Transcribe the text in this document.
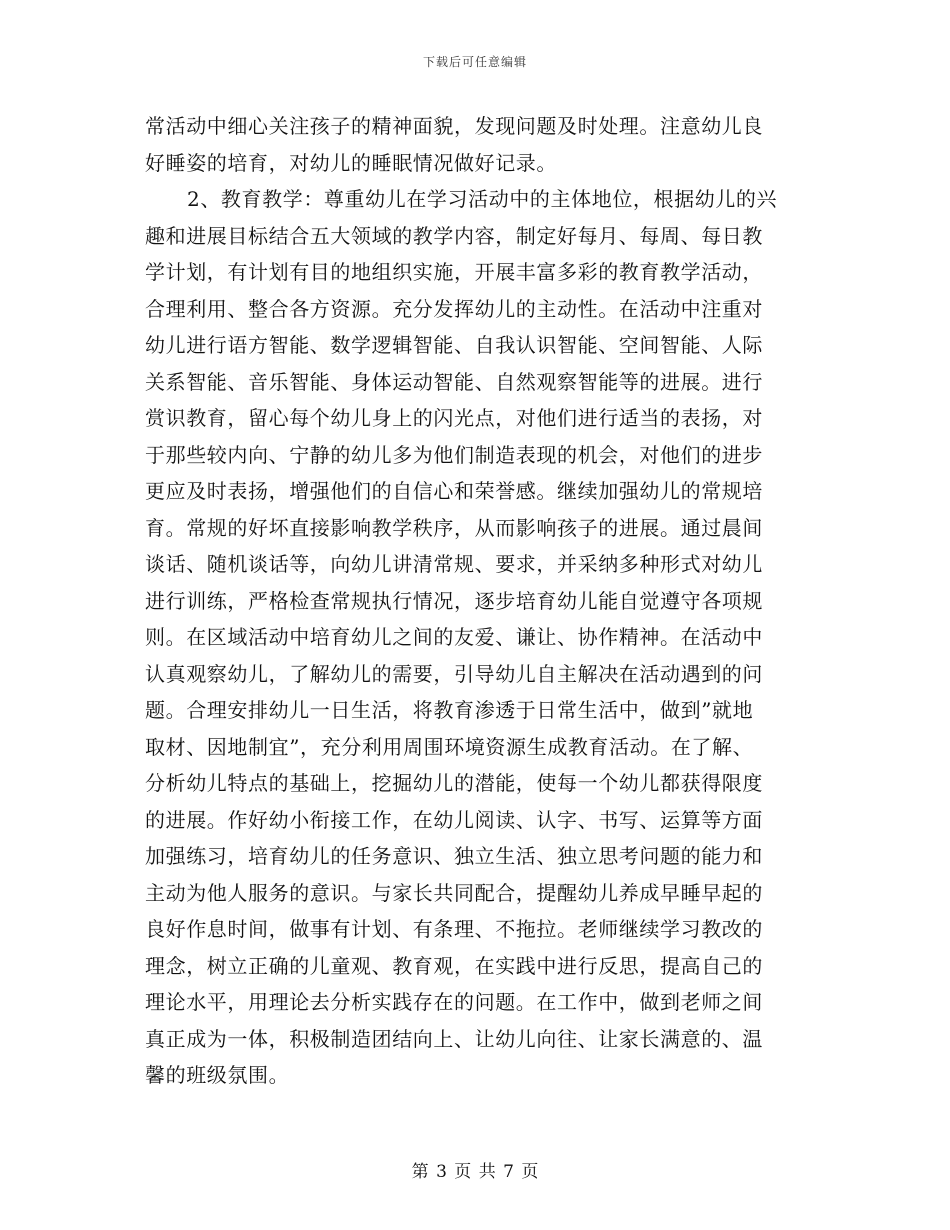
下载后可任意编辑
常活动中细心关注孩子的精神面貌，发现问题及时处理。注意幼儿良
好睡姿的培育，对幼儿的睡眠情况做好记录。
2、教育教学：尊重幼儿在学习活动中的主体地位，根据幼儿的兴
趣和进展目标结合五大领域的教学内容，制定好每月、每周、每日教
学计划，有计划有目的地组织实施，开展丰富多彩的教育教学活动，
合理利用、整合各方资源。充分发挥幼儿的主动性。在活动中注重对
幼儿进行语方智能、数学逻辑智能、自我认识智能、空间智能、人际
关系智能、音乐智能、身体运动智能、自然观察智能等的进展。进行
赏识教育，留心每个幼儿身上的闪光点，对他们进行适当的表扬，对
于那些较内向、宁静的幼儿多为他们制造表现的机会，对他们的进步
更应及时表扬，增强他们的自信心和荣誉感。继续加强幼儿的常规培
育。常规的好坏直接影响教学秩序，从而影响孩子的进展。通过晨间
谈话、随机谈话等，向幼儿讲清常规、要求，并采纳多种形式对幼儿
进行训练，严格检查常规执行情况，逐步培育幼儿能自觉遵守各项规
则。在区域活动中培育幼儿之间的友爱、谦让、协作精神。在活动中
认真观察幼儿，了解幼儿的需要，引导幼儿自主解决在活动遇到的问
题。合理安排幼儿一日生活，将教育渗透于日常生活中，做到”就地
取材、因地制宜”，充分利用周围环境资源生成教育活动。在了解、
分析幼儿特点的基础上，挖掘幼儿的潜能，使每一个幼儿都获得限度
的进展。作好幼小衔接工作，在幼儿阅读、认字、书写、运算等方面
加强练习，培育幼儿的任务意识、独立生活、独立思考问题的能力和
主动为他人服务的意识。与家长共同配合，提醒幼儿养成早睡早起的
良好作息时间，做事有计划、有条理、不拖拉。老师继续学习教改的
理念，树立正确的儿童观、教育观，在实践中进行反思，提高自己的
理论水平，用理论去分析实践存在的问题。在工作中，做到老师之间
真正成为一体，积极制造团结向上、让幼儿向往、让家长满意的、温
馨的班级氛围。
第 3 页 共 7 页
